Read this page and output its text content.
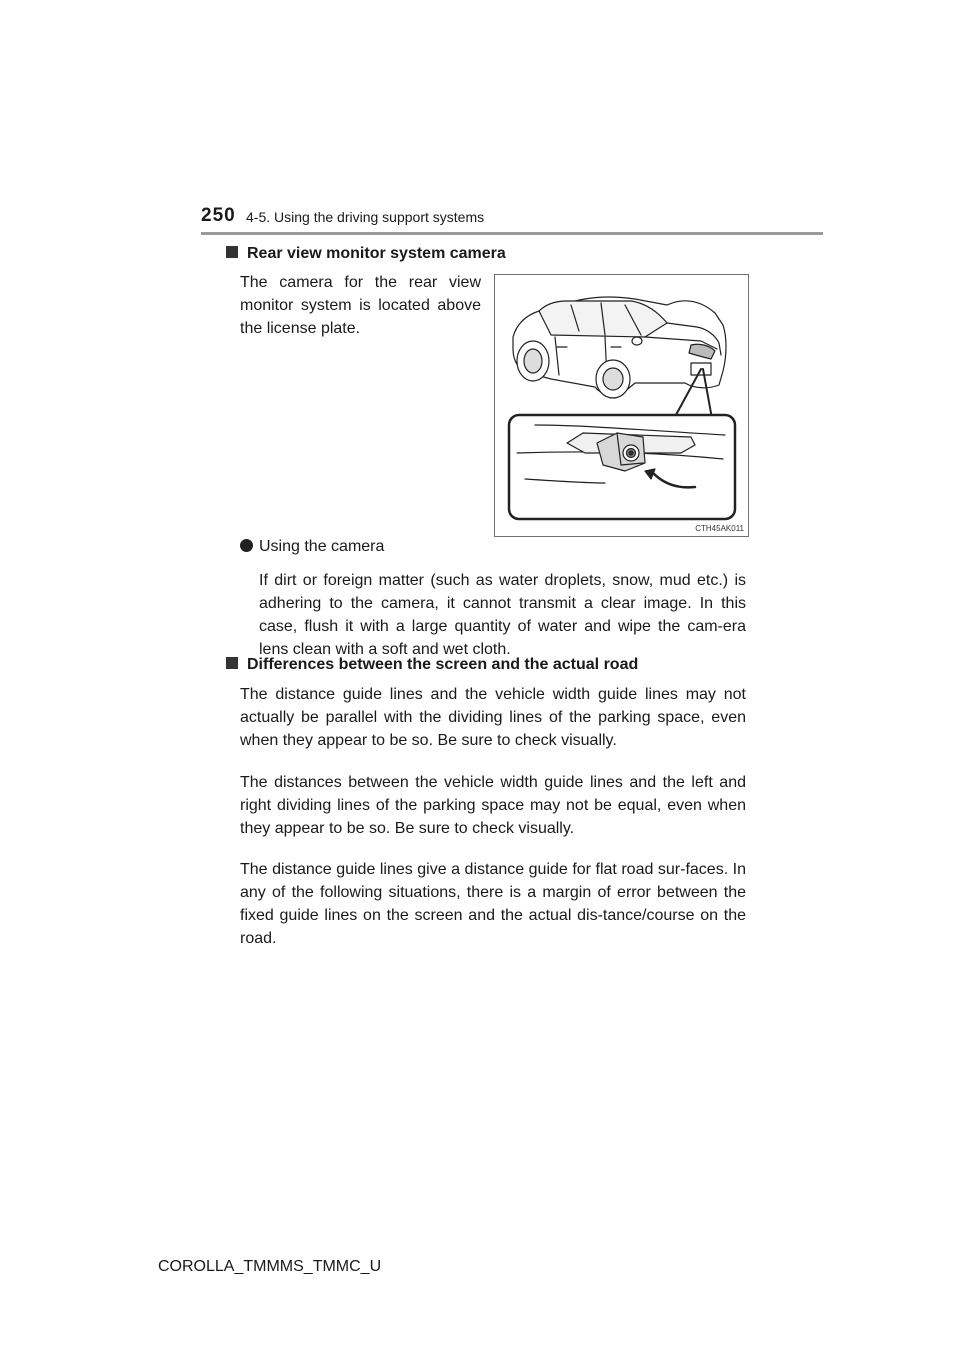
250 4-5. Using the driving support systems
Rear view monitor system camera

The camera for the rear view monitor system is located above the license plate.

CTH45AK011
Using the camera

If dirt or foreign matter (such as water droplets, snow, mud etc.) is adhering to the camera, it cannot transmit a clear image. In this case, flush it with a large quantity of water and wipe the cam-era lens clean with a soft and wet cloth.

Differences between the screen and the actual road

The distance guide lines and the vehicle width guide lines may not actually be parallel with the dividing lines of the parking space, even when they appear to be so. Be sure to check visually.

The distances between the vehicle width guide lines and the left and right dividing lines of the parking space may not be equal, even when they appear to be so. Be sure to check visually.

The distance guide lines give a distance guide for flat road sur-faces. In any of the following situations, there is a margin of error between the fixed guide lines on the screen and the actual dis-tance/course on the road.

COROLLA_TMMMS_TMMC_U
